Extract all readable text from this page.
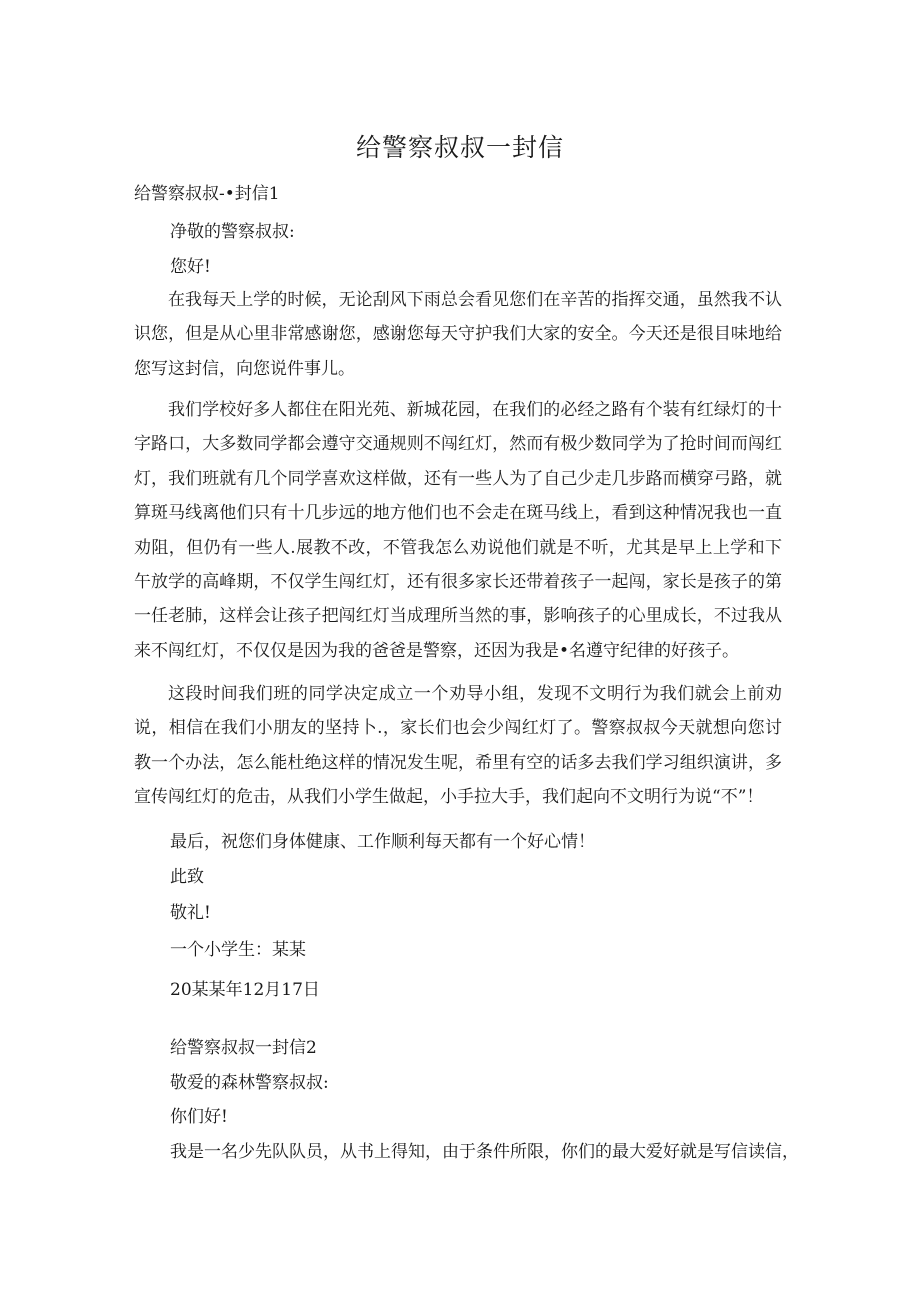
给警察叔叔一封信
给警察叔叔-•封信1
净敬的警察叔叔:
您好!

在我每天上学的时候，无论刮风下雨总会看见您们在辛苦的指挥交通，虽然我不认识您，但是从心里非常感谢您，感谢您每天守护我们大家的安全。今天还是很目味地给您写这封信，向您说件事儿。

我们学校好多人都住在阳光苑、新城花园，在我们的必经之路有个装有红绿灯的十字路口，大多数同学都会遵守交通规则不闯红灯，然而有极少数同学为了抢时间而闯红灯，我们班就有几个同学喜欢这样做，还有一些人为了自己少走几步路而横穿弓路，就算斑马线离他们只有十几步远的地方他们也不会走在斑马线上，看到这种情况我也一直劝阻，但仍有一些人.展教不改，不管我怎么劝说他们就是不听，尤其是早上上学和下午放学的高峰期，不仅学生闯红灯，还有很多家长还带着孩子一起闯，家长是孩子的第一任老肺，这样会让孩子把闯红灯当成理所当然的事，影响孩子的心里成长，不过我从来不闯红灯，不仅仅是因为我的爸爸是警察，还因为我是•名遵守纪律的好孩子。

这段时间我们班的同学决定成立一个劝导小组，发现不文明行为我们就会上前劝说，相信在我们小朋友的坚持卜.，家长们也会少闯红灯了。警察叔叔今天就想向您讨教一个办法，怎么能杜绝这样的情况发生呢，希里有空的话多去我们学习组织演讲，多宣传闯红灯的危击，从我们小学生做起，小手拉大手，我们起向不文明行为说“不”！

最后，祝您们身体健康、工作顺利每天都有一个好心情！
此致
敬礼!
一个小学生：某某
20某某年12月17日
给警察叔叔一封信2
敬爱的森林警察叔叔:
你们好!
我是一名少先队队员，从书上得知，由于条件所限，你们的最大爱好就是写信读信，
